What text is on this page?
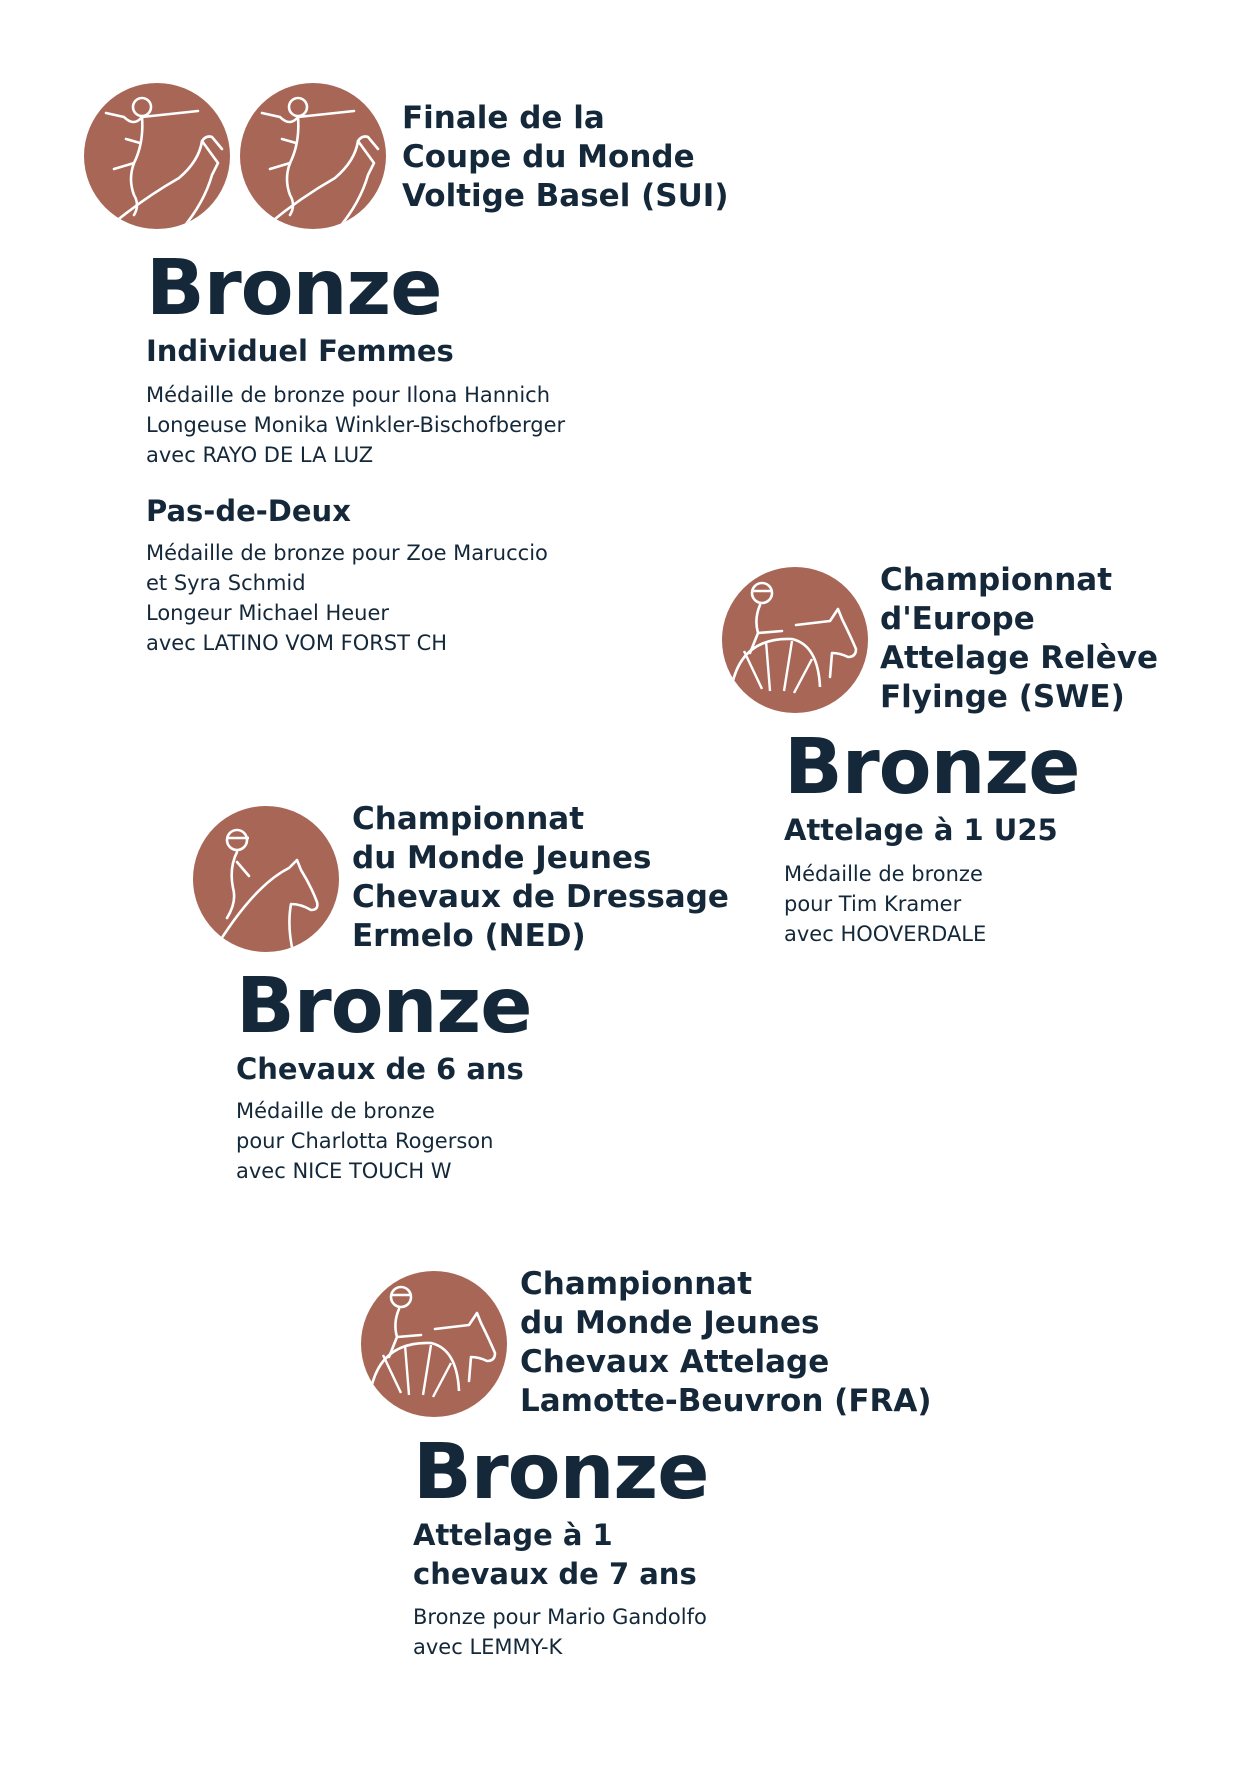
Finale de la
Coupe du Monde
Voltige Basel (SUI)
Bronze
Individuel Femmes
Médaille de bronze pour Ilona Hannich
Longeuse Monika Winkler-Bischofberger
avec RAYO DE LA LUZ
Pas-de-Deux
Médaille de bronze pour Zoe Maruccio
et Syra Schmid
Longeur Michael Heuer
avec LATINO VOM FORST CH
Championnat
d'Europe
Attelage Relève
Flyinge (SWE)
Bronze
Attelage à 1 U25
Médaille de bronze
pour Tim Kramer
avec HOOVERDALE
Championnat
du Monde Jeunes
Chevaux de Dressage
Ermelo (NED)
Bronze
Chevaux de 6 ans
Médaille de bronze
pour Charlotta Rogerson
avec NICE TOUCH W
Championnat
du Monde Jeunes
Chevaux Attelage
Lamotte-Beuvron (FRA)
Bronze
Attelage à 1
chevaux de 7 ans
Bronze pour Mario Gandolfo
avec LEMMY-K
